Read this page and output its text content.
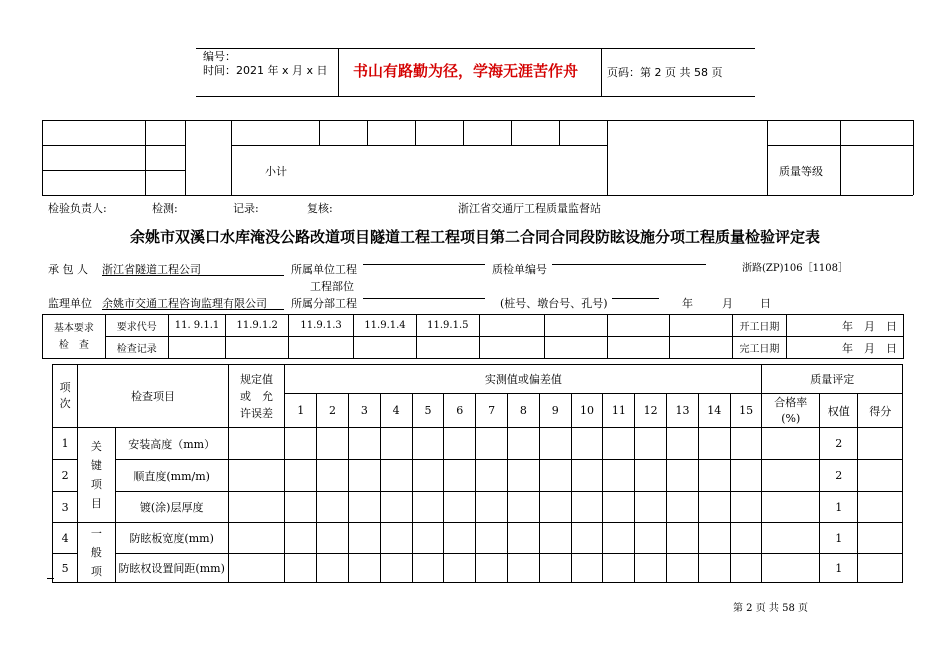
编号：
时间：2021 年 x 月 x 日 书山有路勤为径，学海无涯苦作舟	页码：第 2 页 共 58 页
小计	质量等级
检验负责人:	检测:	记录:	复核:	浙江省交通厅工程质量监督站
余姚市双溪口水库淹没公路改道项目隧道工程工程项目第二合同合同段防眩设施分项工程质量检验评定表
承 包 人 浙江省隧道工程公司	所属单位工程	质检单编号	浙路(ZP)106［1108］
工程部位
监理单位 余姚市交通工程咨询监理有限公司	所属分部工程	(桩号、墩台号、孔号)	年	月 日
基本要求
检　查	要求代号	11. 9.1.1	11.9.1.2	11.9.1.3	11.9.1.4	11.9.1.5					开工日期	年　月　日
	检查记录										完工日期	年　月　日
项次	检查项目		规定值
或　允
许误差	实测值或偏差值															质量评定		
				1	2	3	4	5	6	7	8	9	10	11	12	13	14	15	合格率
(%)	权值	得分
1	关
键
项
目	安装高度（mm）																		2	
2		顺直度(mm/m)																		2	
3		镀(涂)层厚度																		1	
4	一
般
项	防眩板宽度(mm)																		1	
5		防眩权设置间距(mm)																		1	
第 2 页 共 58 页
